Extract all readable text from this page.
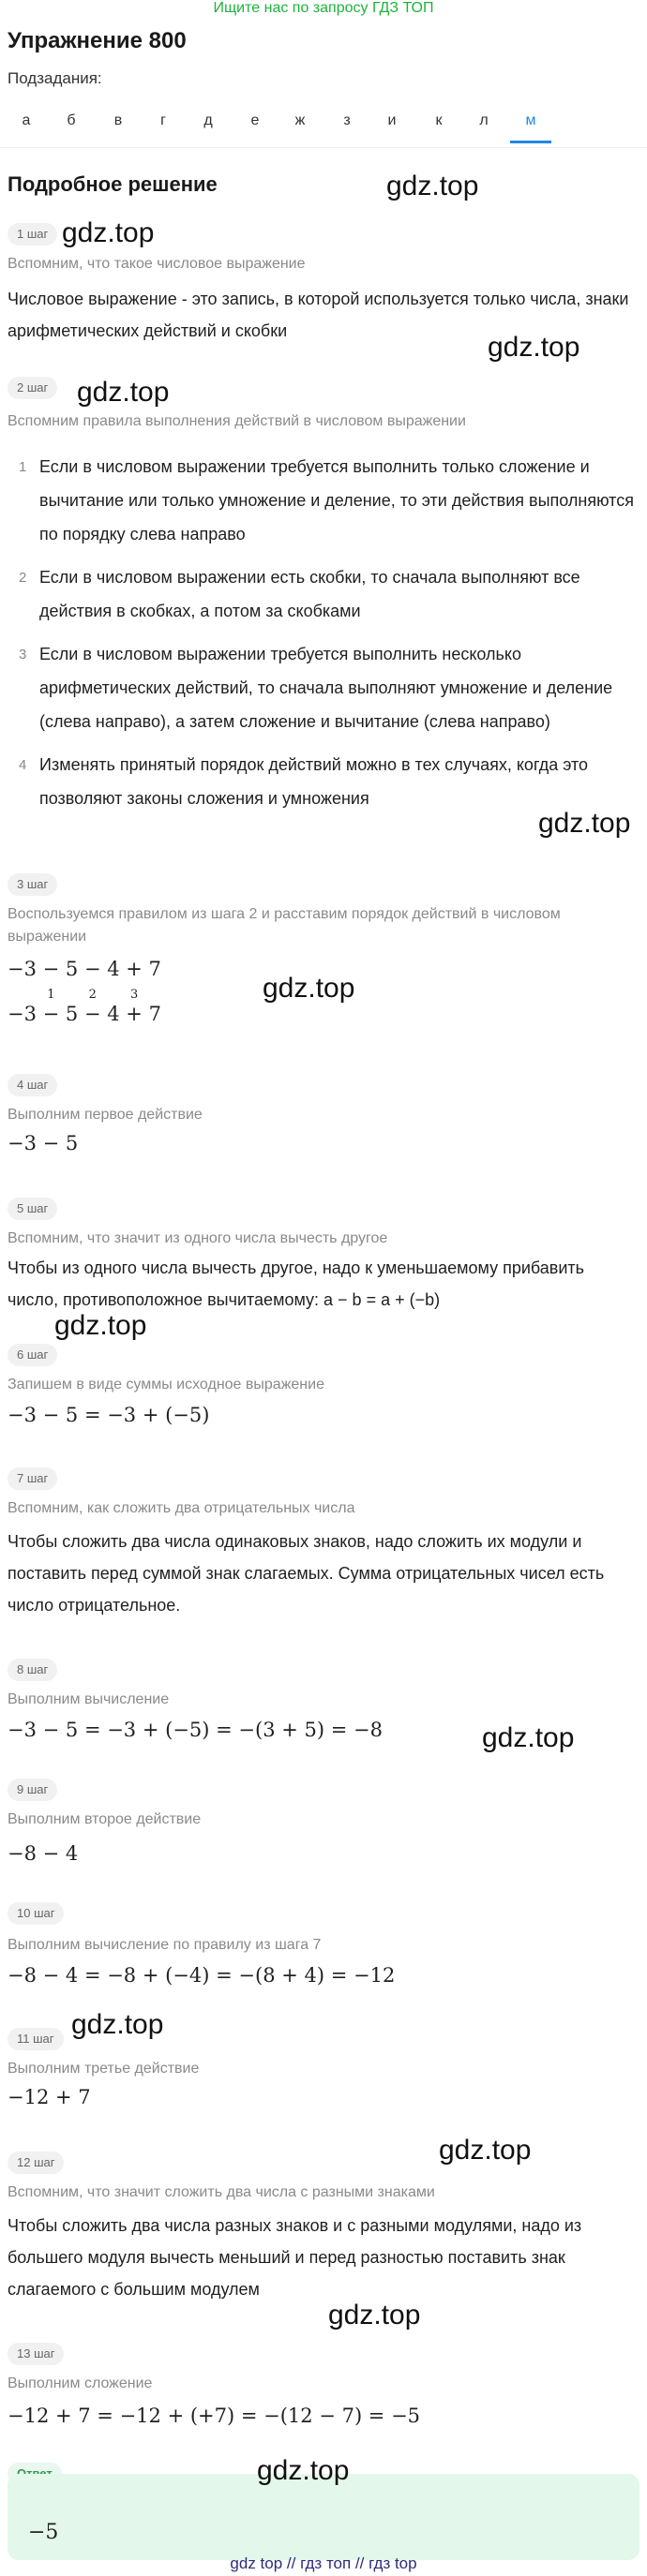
Ищите нас по запросу ГДЗ ТОП
Упражнение 800
Подзадания:
а	б	в	г	д	е	ж	з	и	к	л	м
Подробное решение
1 шаг
Вспомним, что такое числовое выражение
Числовое выражение - это запись, в которой используется только числа, знаки арифметических действий и скобки
2 шаг
Вспомним правила выполнения действий в числовом выражении
1 Если в числовом выражении требуется выполнить только сложение и вычитание или только умножение и деление, то эти действия выполняются по порядку слева направо
2 Если в числовом выражении есть скобки, то сначала выполняют все действия в скобках, а потом за скобками
3 Если в числовом выражении требуется выполнить несколько арифметических действий, то сначала выполняют умножение и деление (слева направо), а затем сложение и вычитание (слева направо)
4 Изменять принятый порядок действий можно в тех случаях, когда это позволяют законы сложения и умножения
3 шаг
Воспользуемся правилом из шага 2 и расставим порядок действий в числовом выражении
−3 − 5 − 4 + 7
−3 −
1
5 −
2
4 +
3
7
4 шаг
Выполним первое действие
−3 − 5
5 шаг
Вспомним, что значит из одного числа вычесть другое
Чтобы из одного числа вычесть другое, надо к уменьшаемому прибавить число, противоположное вычитаемому: a − b = a + (−b)
6 шаг
Запишем в виде суммы исходное выражение
−3 − 5 = −3 + (−5)
7 шаг
Вспомним, как сложить два отрицательных числа
Чтобы сложить два числа одинаковых знаков, надо сложить их модули и поставить перед суммой знак слагаемых. Сумма отрицательных чисел есть число отрицательное.
8 шаг
Выполним вычисление
−3 − 5 = −3 + (−5) = −(3 + 5) = −8
9 шаг
Выполним второе действие
−8 − 4
10 шаг
Выполним вычисление по правилу из шага 7
−8 − 4 = −8 + (−4) = −(8 + 4) = −12
11 шаг
Выполним третье действие
−12 + 7
12 шаг
Вспомним, что значит сложить два числа с разными знаками
Чтобы сложить два числа разных знаков и с разными модулями, надо из большего модуля вычесть меньший и перед разностью поставить знак слагаемого с большим модулем
13 шаг
Выполним сложение
−12 + 7 = −12 + (+7) = −(12 − 7) = −5
−5
gdz top // гдз топ // гдз top
gdz.top
gdz.top
gdz.top
gdz.top
gdz.top
gdz.top
gdz.top
gdz.top
gdz.top
gdz.top
gdz.top
gdz.top
